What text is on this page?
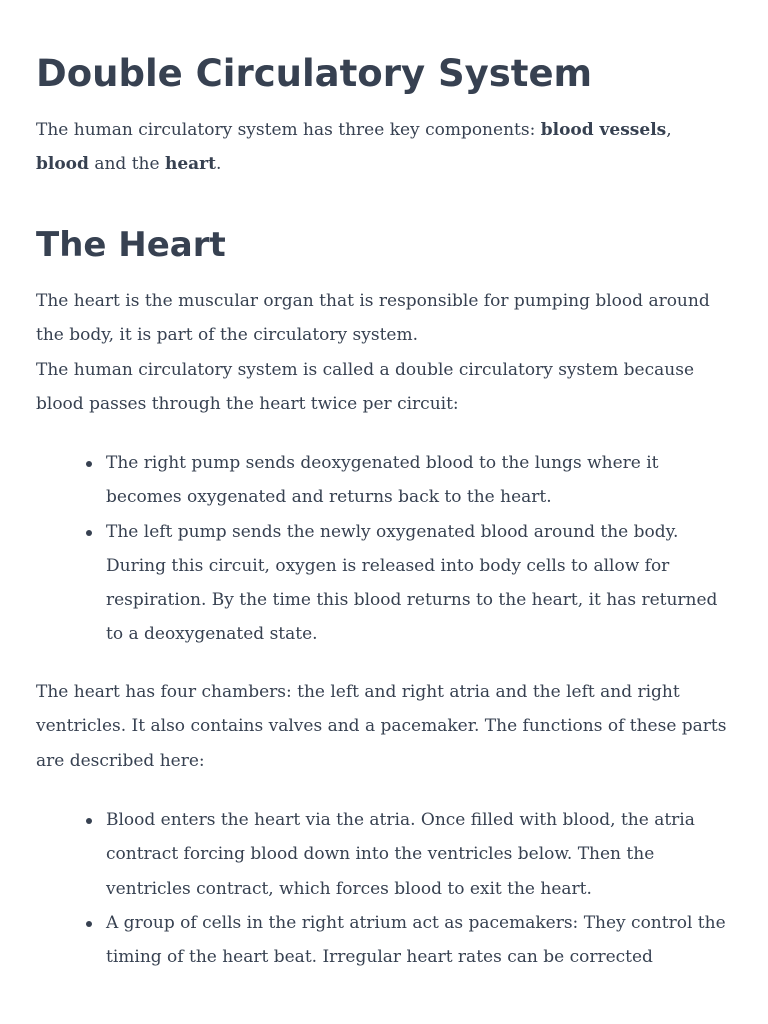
Double Circulatory System

The human circulatory system has three key components: blood vessels, blood and the heart.

The Heart

The heart is the muscular organ that is responsible for pumping blood around the body, it is part of the circulatory system.

The human circulatory system is called a double circulatory system because blood passes through the heart twice per circuit:

The right pump sends deoxygenated blood to the lungs where it becomes oxygenated and returns back to the heart.
The left pump sends the newly oxygenated blood around the body. During this circuit, oxygen is released into body cells to allow for respiration. By the time this blood returns to the heart, it has returned to a deoxygenated state.

The heart has four chambers: the left and right atria and the left and right ventricles. It also contains valves and a pacemaker. The functions of these parts are described here:

Blood enters the heart via the atria. Once filled with blood, the atria contract forcing blood down into the ventricles below. Then the ventricles contract, which forces blood to exit the heart.
A group of cells in the right atrium act as pacemakers: They control the timing of the heart beat. Irregular heart rates can be corrected
